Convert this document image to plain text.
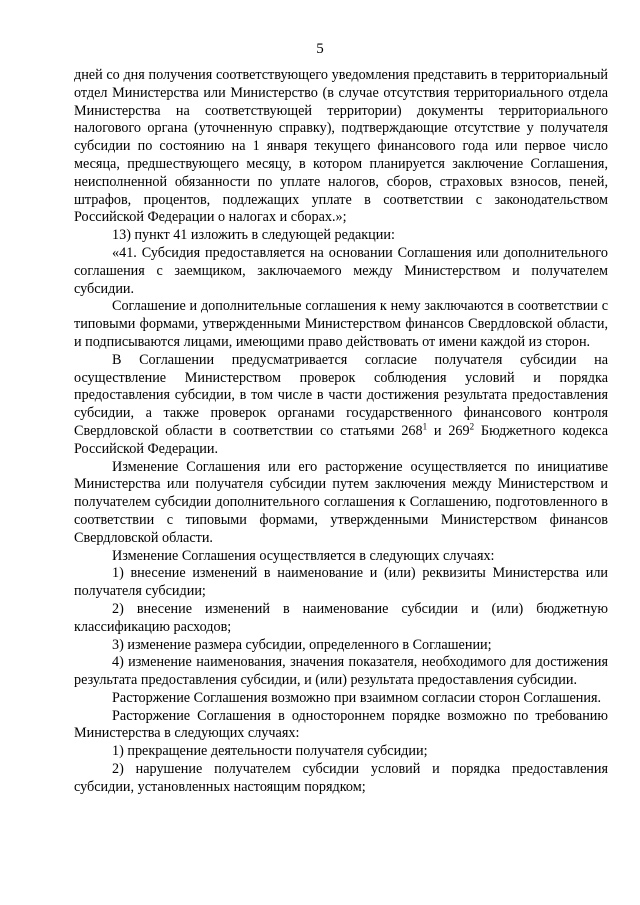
5

дней со дня получения соответствующего уведомления представить в территориальный отдел Министерства или Министерство (в случае отсутствия территориального отдела Министерства на соответствующей территории) документы территориального налогового органа (уточненную справку), подтверждающие отсутствие у получателя субсидии по состоянию на 1 января текущего финансового года или первое число месяца, предшествующего месяцу, в котором планируется заключение Соглашения, неисполненной обязанности по уплате налогов, сборов, страховых взносов, пеней, штрафов, процентов, подлежащих уплате в соответствии с законодательством Российской Федерации о налогах и сборах.»;

13) пункт 41 изложить в следующей редакции:

«41. Субсидия предоставляется на основании Соглашения или дополнительного соглашения с заемщиком, заключаемого между Министерством и получателем субсидии.

Соглашение и дополнительные соглашения к нему заключаются в соответствии с типовыми формами, утвержденными Министерством финансов Свердловской области, и подписываются лицами, имеющими право действовать от имени каждой из сторон.

В Соглашении предусматривается согласие получателя субсидии на осуществление Министерством проверок соблюдения условий и порядка предоставления субсидии, в том числе в части достижения результата предоставления субсидии, а также проверок органами государственного финансового контроля Свердловской области в соответствии со статьями $268^1$ и $269^2$ Бюджетного кодекса Российской Федерации.

Изменение Соглашения или его расторжение осуществляется по инициативе Министерства или получателя субсидии путем заключения между Министерством и получателем субсидии дополнительного соглашения к Соглашению, подготовленного в соответствии с типовыми формами, утвержденными Министерством финансов Свердловской области.

Изменение Соглашения осуществляется в следующих случаях:

1) внесение изменений в наименование и (или) реквизиты Министерства или получателя субсидии;

2) внесение изменений в наименование субсидии и (или) бюджетную классификацию расходов;

3) изменение размера субсидии, определенного в Соглашении;

4) изменение наименования, значения показателя, необходимого для достижения результата предоставления субсидии, и (или) результата предоставления субсидии.

Расторжение Соглашения возможно при взаимном согласии сторон Соглашения.

Расторжение Соглашения в одностороннем порядке возможно по требованию Министерства в следующих случаях:

1) прекращение деятельности получателя субсидии;

2) нарушение получателем субсидии условий и порядка предоставления субсидии, установленных настоящим порядком;
